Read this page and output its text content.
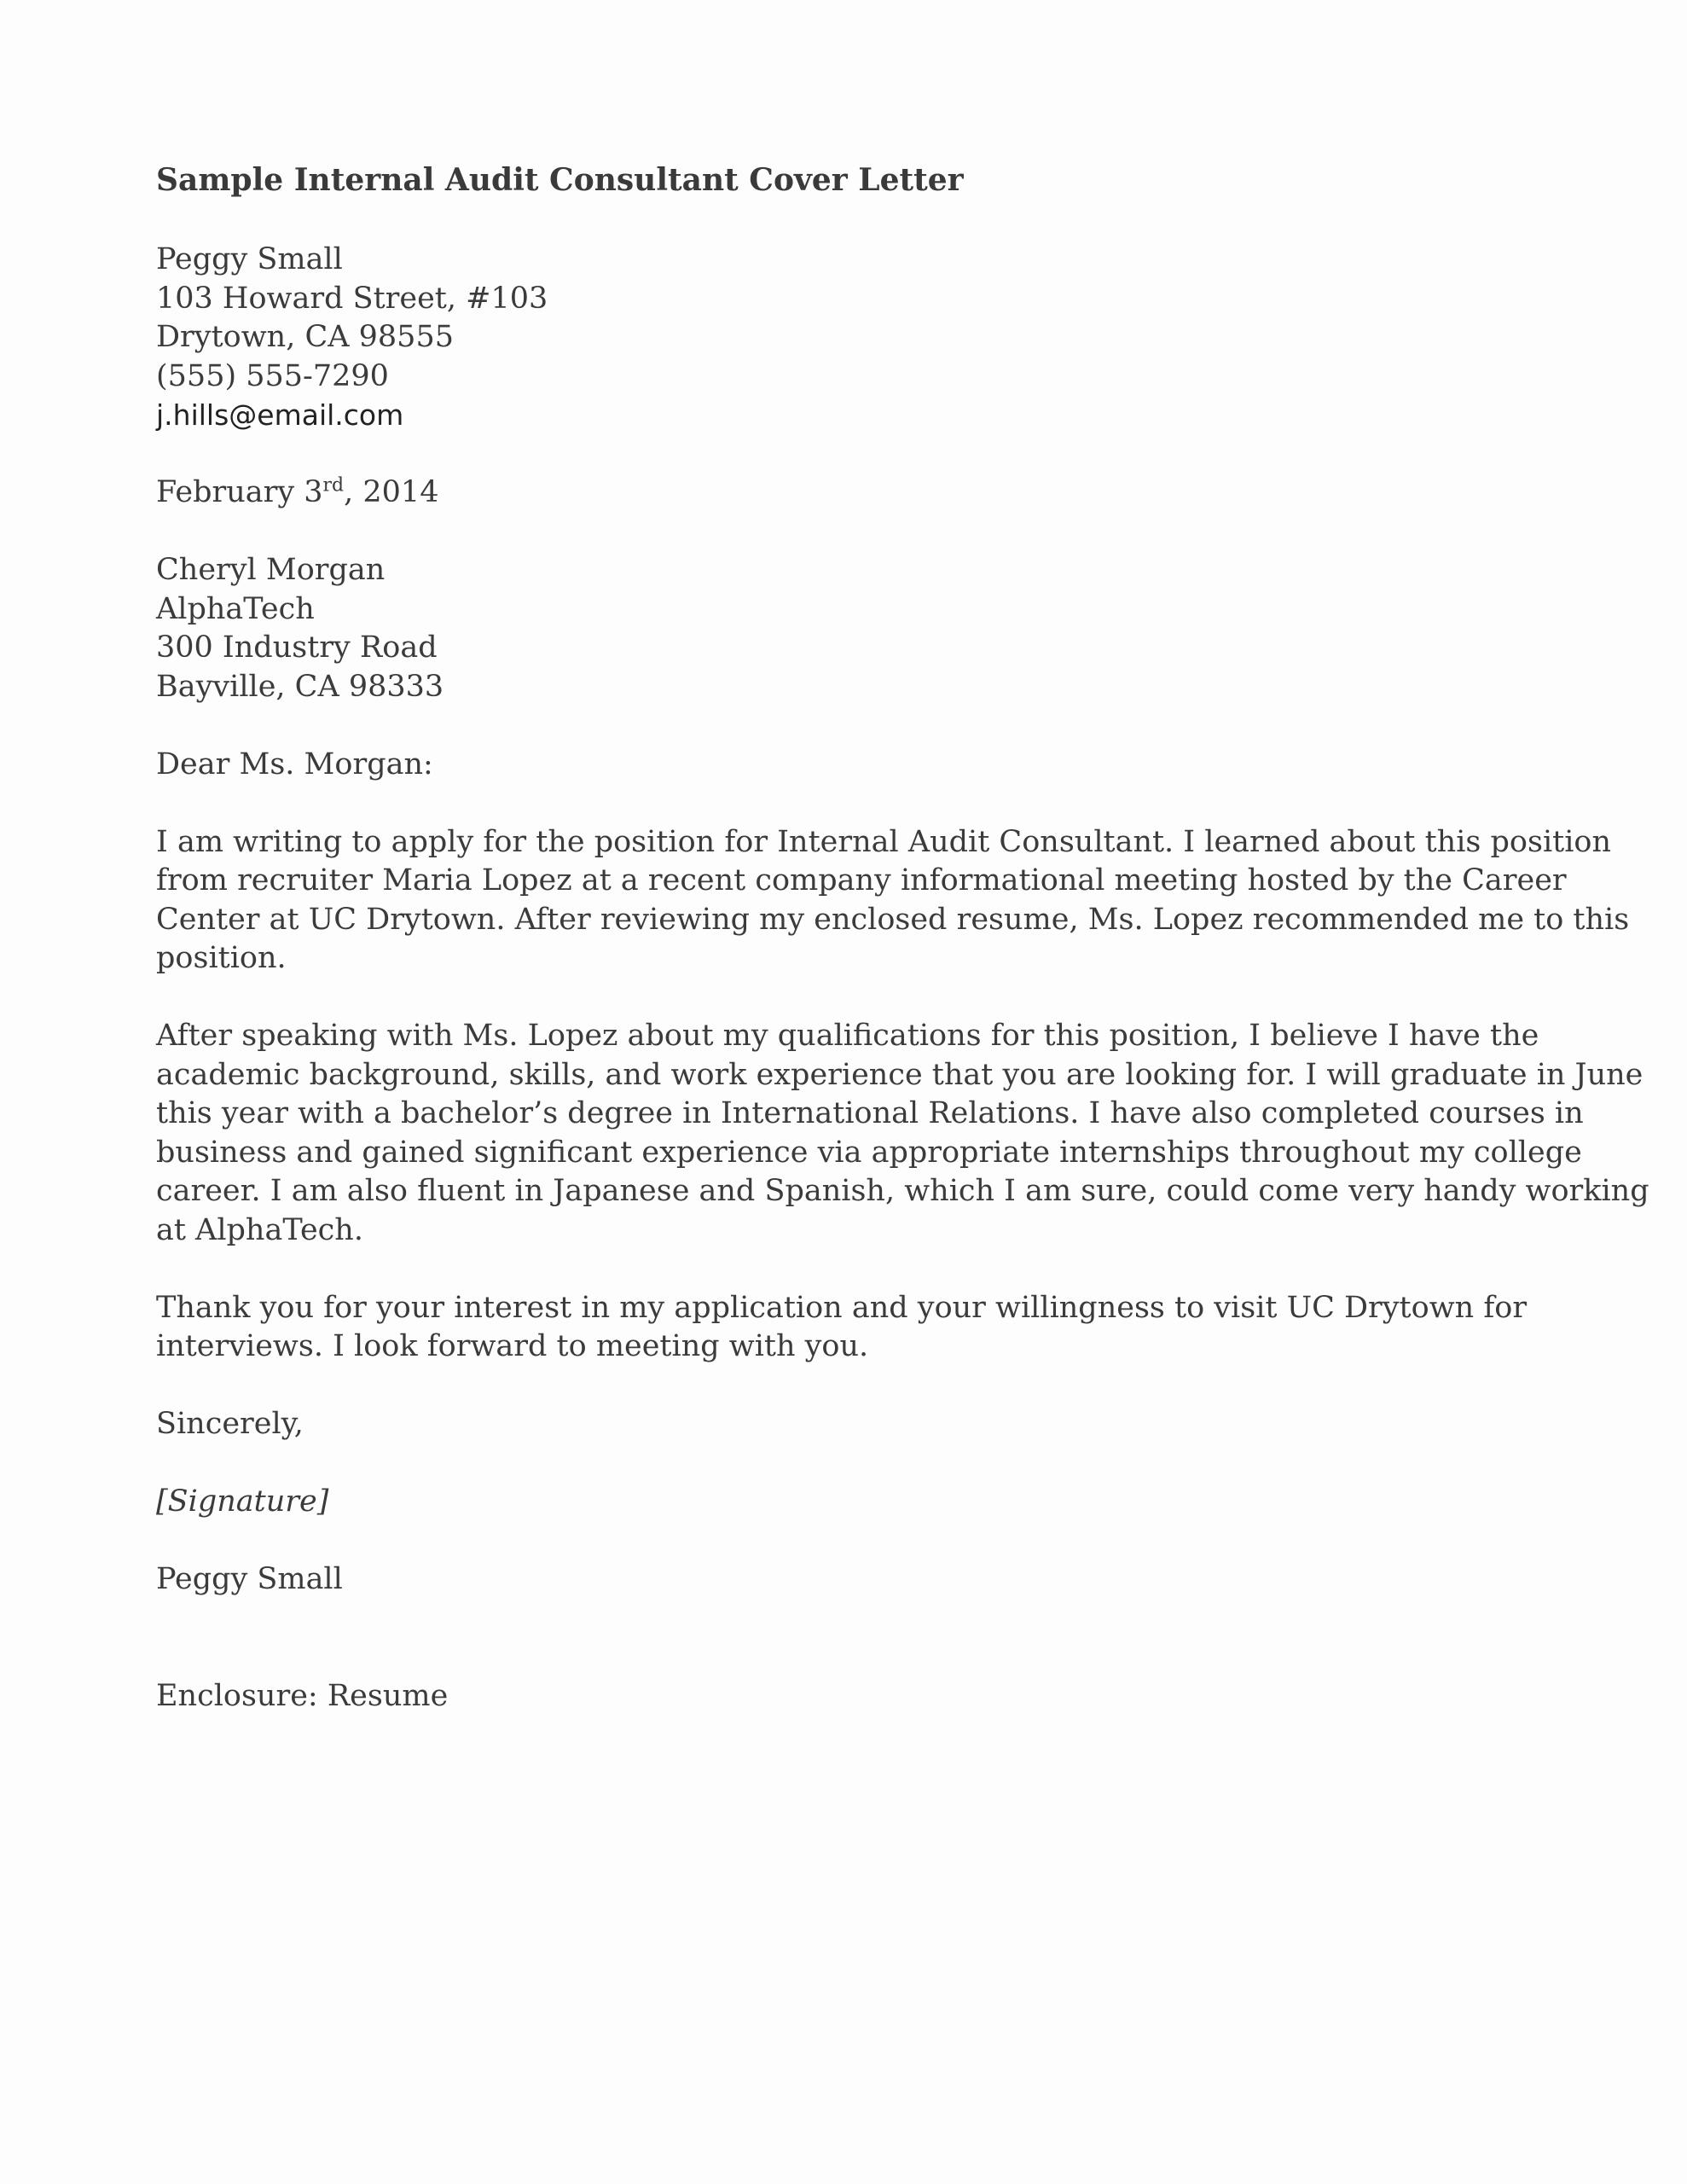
Sample Internal Audit Consultant Cover Letter

Peggy Small

103 Howard Street, #103

Drytown, CA 98555

(555) 555-7290

j.hills@email.com

February 3rd, 2014

Cheryl Morgan

AlphaTech

300 Industry Road

Bayville, CA 98333

Dear Ms. Morgan:

I am writing to apply for the position for Internal Audit Consultant. I learned about this position

from recruiter Maria Lopez at a recent company informational meeting hosted by the Career

Center at UC Drytown. After reviewing my enclosed resume, Ms. Lopez recommended me to this

position.

After speaking with Ms. Lopez about my qualifications for this position, I believe I have the

academic background, skills, and work experience that you are looking for. I will graduate in June

this year with a bachelor’s degree in International Relations. I have also completed courses in

business and gained significant experience via appropriate internships throughout my college

career. I am also fluent in Japanese and Spanish, which I am sure, could come very handy working

at AlphaTech.

Thank you for your interest in my application and your willingness to visit UC Drytown for

interviews. I look forward to meeting with you.

Sincerely,

[Signature]

Peggy Small

Enclosure: Resume
